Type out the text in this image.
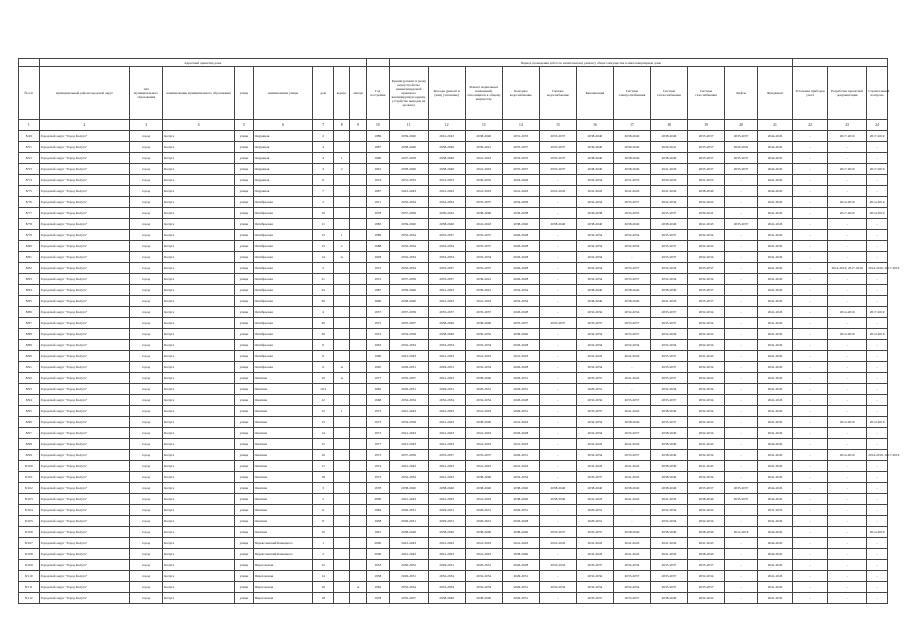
	Адресный ориентир дома									Период проведения работ по капитальному ремонту общего имущества в многоквартирном доме													
№ п/п	муниципальный район/городской округ	тип муниципального образования	наименование муниципального образования	улица	наименование улицы	дом	корпус	литера	Год постройки	Крыши (ремонт и (или) переустройство невентилируемой крыши на вентилируемую крышу, устройство выходов на кровлю)	Фасады (ремонт и (или) утепление)	Ремонт подвальных помещений, относящихся к общему имуществу	Холодное водоснабжение	Горячее водоснабжение	Канализация	Система электроснабжения	Система теплоснабжения	Система газоснабжения	Лифты	Фундамент	Установка приборов учета	Разработка проектной документации	Строительный контроль
1	2	3	4	5	6	7	8	9	10	11	12	13	14	15	16	17	18	19	20	21	22	23	24
8/49	Городской округ "Город Калуга"	город	Калуга	улица	Окружная	2			1989	2039-2040	2041-2043	2038-2040	2031-2033	2035-2037	2038-2040	2038-2040	2038-2040	2035-2037	2035-2037	2044-2045	-	2017-2019	2017-2019
8/51	Городской округ "Город Калуга"	город	Калуга	улица	Окружная	4			1987	2038-2040	2038-2040	2039-2041	2035-2037	2035-2037	2039-2040	2039-2040	2039-2041	2035-2037	2020-2022	2044-2045	-	-	-
8/52	Городской округ "Город Калуга"	город	Калуга	улица	Окружная	4	1		1990	2037-2039	2038-2040	2041-2043	2033-2035	2035-2037	2038-2040	2038-2040	2038-2040	2035-2037	2035-2037	2044-2045	-	-	-
8/53	Городской округ "Город Калуга"	город	Калуга	улица	Окружная	4	2		1991	2038-2040	2038-2040	2041-2043	2035-2037	2035-2037	2038-2040	2038-2040	2041-2043	2035-2037	2035-2037	2044-2045	-	2017-2019	2017-2019
8/74	Городской округ "Город Калуга"	город	Калуга	улица	Окружная	6			1974	2031-2033	2031-2033	2030-2032	2024-2026	-	2032-2034	2031-2033	2030-2032	2031-2033	-	2041-2043	-	-	-
8/75	Городской округ "Город Калуга"	город	Калуга	улица	Окружная	7			1987	2041-2043	2041-2043	2041-2043	2041-2043	2041-2043	2041-2043	2041-2043	2041-2043	2038-2040	-	2044-2045	-	-	-
8/76	Городской округ "Город Калуга"	город	Калуга	улица	Октябрьская	2			1971	2032-2034	2032-2034	2035-2037	2034-2036	-	2032-2034	2035-2037	2032-2034	2032-2034	-	2041-2043	-	2014-2016	2014-2016
8/77	Городской округ "Город Калуга"	город	Калуга	улица	Октябрьская	10			1978	2037-2039	2030-2032	2038-2040	2036-2038	-	2036-2038	2033-2035	2035-2037	2039-2041	-	2041-2043	-	2017-2019	2014-2019
8/78	Городской округ "Город Калуга"	город	Калуга	улица	Октябрьская	11			1983	2039-2040	2038-2040	2041-2043	2038-2040	2038-2040	2038-2040	2038-2040	2038-2040	2041-2043	2035-2037	2041-2043	-	-	-
8/79	Городской округ "Город Калуга"	город	Калуга	улица	Октябрьская	13	1		1989	2032-2034	2035-2037	2035-2037	2026-2028	-	2032-2034	2032-2034	2035-2037	2032-2034	-	2041-2043	-	-	-
8/80	Городской округ "Город Калуга"	город	Калуга	улица	Октябрьская	13	2		1988	2032-2034	2032-2034	2035-2037	2026-2028	-	2032-2034	2032-2034	2035-2037	2032-2034	-	2041-2043	-	-	-
8/81	Городской округ "Город Калуга"	город	Калуга	улица	Октябрьская	14	А		1928	2032-2034	2032-2034	2032-2034	2026-2028	-	2032-2034	-	2035-2037	2032-2034	-	2041-2043	-	-	-
8/82	Городской округ "Город Калуга"	город	Калуга	улица	Октябрьская	2			1972	2032-2034	2035-2037	2035-2037	2026-2028	-	2032-2034	2035-2037	2032-2034	2035-2037	-	2041-2043	-	2014-2016, 2017-2019	2014-2016, 2017-2019
8/83	Городской округ "Город Калуга"	город	Калуга	улица	Октябрьская	21			1972	2037-2039	2035-2037	2039-2041	2026-2028	-	2032-2034	2035-2037	2032-2034	2032-2034	-	2041-2043	-	-	-
8/84	Городской округ "Город Калуга"	город	Калуга	улица	Октябрьская	24			1987	2039-2040	2041-2043	2039-2041	2032-2034	-	2038-2040	2038-2040	2038-2040	2035-2037	-	2041-2043	-	-	-
8/85	Городской округ "Город Калуга"	город	Калуга	улица	Октябрьская	26			1990	2038-2040	2041-2043	2041-2043	2032-2034	-	2038-2040	2038-2040	2041-2043	2035-2037	-	2041-2043	-	-	-
8/86	Городской округ "Город Калуга"	город	Калуга	улица	Октябрьская	4			1937	2037-2039	2035-2037	2035-2037	2026-2028	-	2032-2034	2032-2034	2035-2037	2032-2034	-	2041-2043	-	2014-2016	2017-2019
8/87	Городской округ "Город Калуга"	город	Калуга	улица	Октябрьская	30			1975	2035-2037	2038-2040	2038-2040	2035-2037	2035-2037	2035-2037	2035-2037	2035-2037	2032-2034	-	2041-2043	-	-	-
8/88	Городской округ "Город Калуга"	город	Калуга	улица	Октябрьская	36			1972	2034-2036	2038-2040	2030-2032	2038-2040	-	2032-2034	2035-2037	2034-2036	2032-2034	-	2041-2043	-	2014-2016	2014-2016
8/89	Городской округ "Город Калуга"	город	Калуга	улица	Октябрьская	6			1963	2032-2034	2032-2034	2032-2034	2026-2028	-	2032-2034	2032-2034	2032-2034	2032-2034	-	2041-2043	-	-	-
8/90	Городской округ "Город Калуга"	город	Калуга	улица	Октябрьская	8			1960	2041-2043	2041-2043	2041-2043	2041-2043	-	2041-2043	2041-2043	2035-2037	2041-2043	-	2041-2043	-	-	-
8/91	Городской округ "Город Калуга"	город	Калуга	улица	Октябрьская	9	А		1920	2029-2031	2029-2031	2032-2034	2026-2028	-	2032-2034	-	2035-2037	2032-2034	-	2041-2043	-	-	-
8/92	Городской округ "Город Калуга"	город	Калуга	улица	Окопная	10	А		1977	2035-2037	2041-2043	2038-2040	2029-2031	-	2035-2037	2041-2043	2035-2037	2032-2034	-	2041-2043	-	-	-
8/93	Городской округ "Город Калуга"	город	Калуга	улица	Окопная	10/1			1962	2029-2031	2029-2031	2029-2031	2029-2031	-	2029-2031	-	2032-2034	2032-2034	-	2041-2043	-	-	-
8/94	Городской округ "Город Калуга"	город	Калуга	улица	Окопная	12			1968	2032-2034	2032-2034	2032-2034	2026-2028	-	2032-2034	2035-2037	2035-2037	2032-2034	-	2041-2043	-	-	-
8/95	Городской округ "Город Калуга"	город	Калуга	улица	Окопная	12	1		1973	2041-2043	2041-2043	2041-2043	2029-2031	-	2035-2037	2041-2043	2038-2040	2032-2034	-	2041-2043	-	-	-
8/96	Городской округ "Город Калуга"	город	Калуга	улица	Окопная	13			1973	2034-2036	2041-2043	2038-2040	2041-2043	-	2032-2034	2038-2040	2035-2037	2032-2034	-	2041-2043	-	2014-2016	2014-2016
8/97	Городской округ "Город Калуга"	город	Калуга	улица	Окопная	14			1973	2041-2043	2041-2043	2041-2043	2026-2028	-	2032-2034	2035-2037	2038-2040	2032-2034	-	2041-2043	-	-	-
8/98	Городской округ "Город Калуга"	город	Калуга	улица	Окопная	15			1977	2041-2043	2041-2043	2041-2043	2041-2043	-	2041-2043	2041-2043	2038-2040	2041-2043	-	2044-2045	-	-	-
8/99	Городской округ "Город Калуга"	город	Калуга	улица	Окопная	16			1973	2037-2039	2035-2037	2035-2037	2029-2031	-	2032-2034	2035-2037	2038-2040	2032-2034	-	2041-2043	-	2014-2016	2014-2016, 2017-2019
8/100	Городской округ "Город Калуга"	город	Калуга	улица	Окопная	17			1974	2041-2043	2041-2043	2041-2043	2041-2043	-	2041-2043	2041-2043	2038-2040	2041-2043	-	2041-2043	-	-	-
8/101	Городской округ "Город Калуга"	город	Калуга	улица	Окопная	18			1973	2032-2034	2041-2043	2038-2040	2032-2034	-	2035-2037	2041-2043	2038-2040	2032-2034	-	2041-2043	-	-	-
8/102	Городской округ "Город Калуга"	город	Калуга	улица	Окопная	3			1978	2038-2040	2038-2040	2038-2040	2038-2040	2038-2040	2038-2040	2038-2040	2038-2040	2035-2037	2035-2037	2044-2045	-	-	-
8/103	Городской округ "Город Калуга"	город	Калуга	улица	Окопная	5			2000	2041-2043	2041-2043	2041-2043	2038-2040	2038-2040	2041-2043	2041-2043	2041-2043	2038-2040	2035-2037	2044-2045	-	-	-
8/104	Городской округ "Город Калуга"	город	Калуга	улица	Окопная	6			1984	2029-2031	2029-2031	2029-2031	2029-2031	-	2029-2031	-	2032-2034	2032-2034	-	2031-2033	-	-	-
8/105	Городской округ "Город Калуга"	город	Калуга	улица	Окопная	8			1958	2029-2031	2029-2031	2029-2031	2026-2028	-	2029-2031	-	2032-2034	2032-2034	-	2041-2043	-	-	-
8/106	Городской округ "Город Калуга"	город	Калуга	улица	Окопная	10			1991	2038-2040	2038-2040	2038-2040	2038-2040	2035-2037	2035-2037	2038-2040	2038-2040	2038-2040	2014-2016	2044-2045	-	-	2014-2016
8/107	Городской округ "Город Калуга"	город	Калуга	улица	Переяславский Камецкого	1			2000	2041-2043	2041-2043	2041-2043	2041-2043	2041-2043	2041-2043	2041-2043	2041-2043	2041-2043	-	2044-2045	-	-	-
8/108	Городской округ "Город Калуга"	город	Калуга	улица	Переяславский Камецкого	2			2000	2041-2043	2041-2043	2041-2043	2038-2040	-	2041-2043	2041-2043	2041-2043	2038-2040	-	2044-2045	-	-	-
8/109	Городской округ "Город Калуга"	город	Калуга	улица	Пироговская	12			1953	2030-2032	2029-2031	2029-2031	2026-2028	2032-2034	2035-2037	2032-2034	2035-2037	2035-2037	-	2041-2043	-	-	-
8/110	Городской округ "Город Калуга"	город	Калуга	улица	Пироговская	14			1958	2029-2031	2032-2034	2032-2034	2029-2031	-	2032-2034	2035-2037	2035-2037	2032-2034	-	2041-2043	-	-	-
8/111	Городской округ "Город Калуга"	город	Калуга	улица	Пироговская	16		А	1962	2032-2034	2032-2034	2032-2034	2029-2031	2032-2034	2032-2034	2032-2034	2035-2037	2035-2037	-	2041-2043	-	-	-
8/112	Городской округ "Город Калуга"	город	Калуга	улица	Пироговская	18			1978	2035-2037	2038-2040	2038-2040	2029-2031	-	2035-2037	2035-2037	2038-2040	2032-2034	-	2041-2043	-	-	-
